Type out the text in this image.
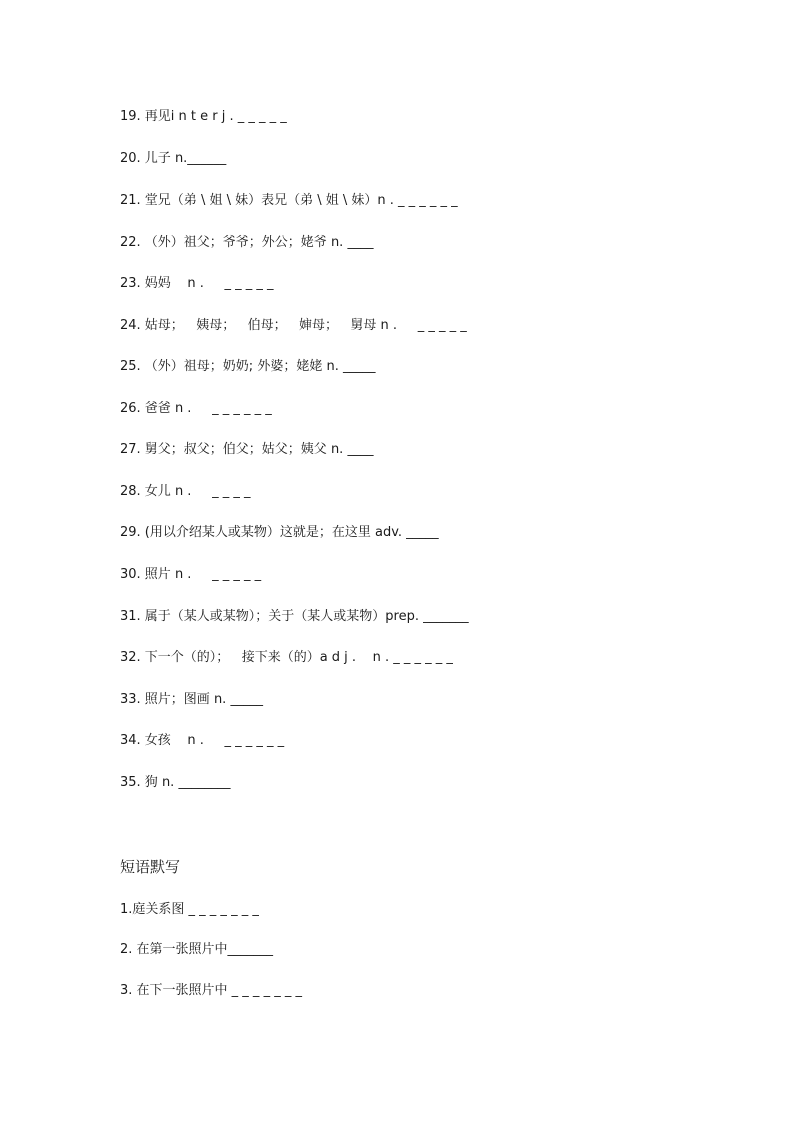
19. 再见i n t e r j . _ _ _ _ _
20. 儿子 n.______
21. 堂兄（弟 \ 姐 \ 妹）表兄（弟 \ 姐 \ 妹）n . _ _ _ _ _ _
22. （外）祖父；爷爷；外公；姥爷 n. ____
23. 妈妈    n .     _ _ _ _ _
24. 姑母；   姨母；   伯母；   婶母；   舅母 n .     _ _ _ _ _
25. （外）祖母；奶奶; 外婆；姥姥 n. _____
26. 爸爸 n .     _ _ _ _ _ _
27. 舅父；叔父；伯父；姑父；姨父 n. ____
28. 女儿 n .     _ _ _ _
29. (用以介绍某人或某物）这就是；在这里 adv. _____
30. 照片 n .     _ _ _ _ _
31. 属于（某人或某物）；关于（某人或某物）prep. _______
32. 下一个（的）；   接下来（的）a d j .    n . _ _ _ _ _ _
33. 照片；图画 n. _____
34. 女孩    n .     _ _ _ _ _ _
35. 狗 n. ________
短语默写
1.庭关系图 _ _ _ _ _ _ _
2. 在第一张照片中_______
3. 在下一张照片中 _ _ _ _ _ _ _
